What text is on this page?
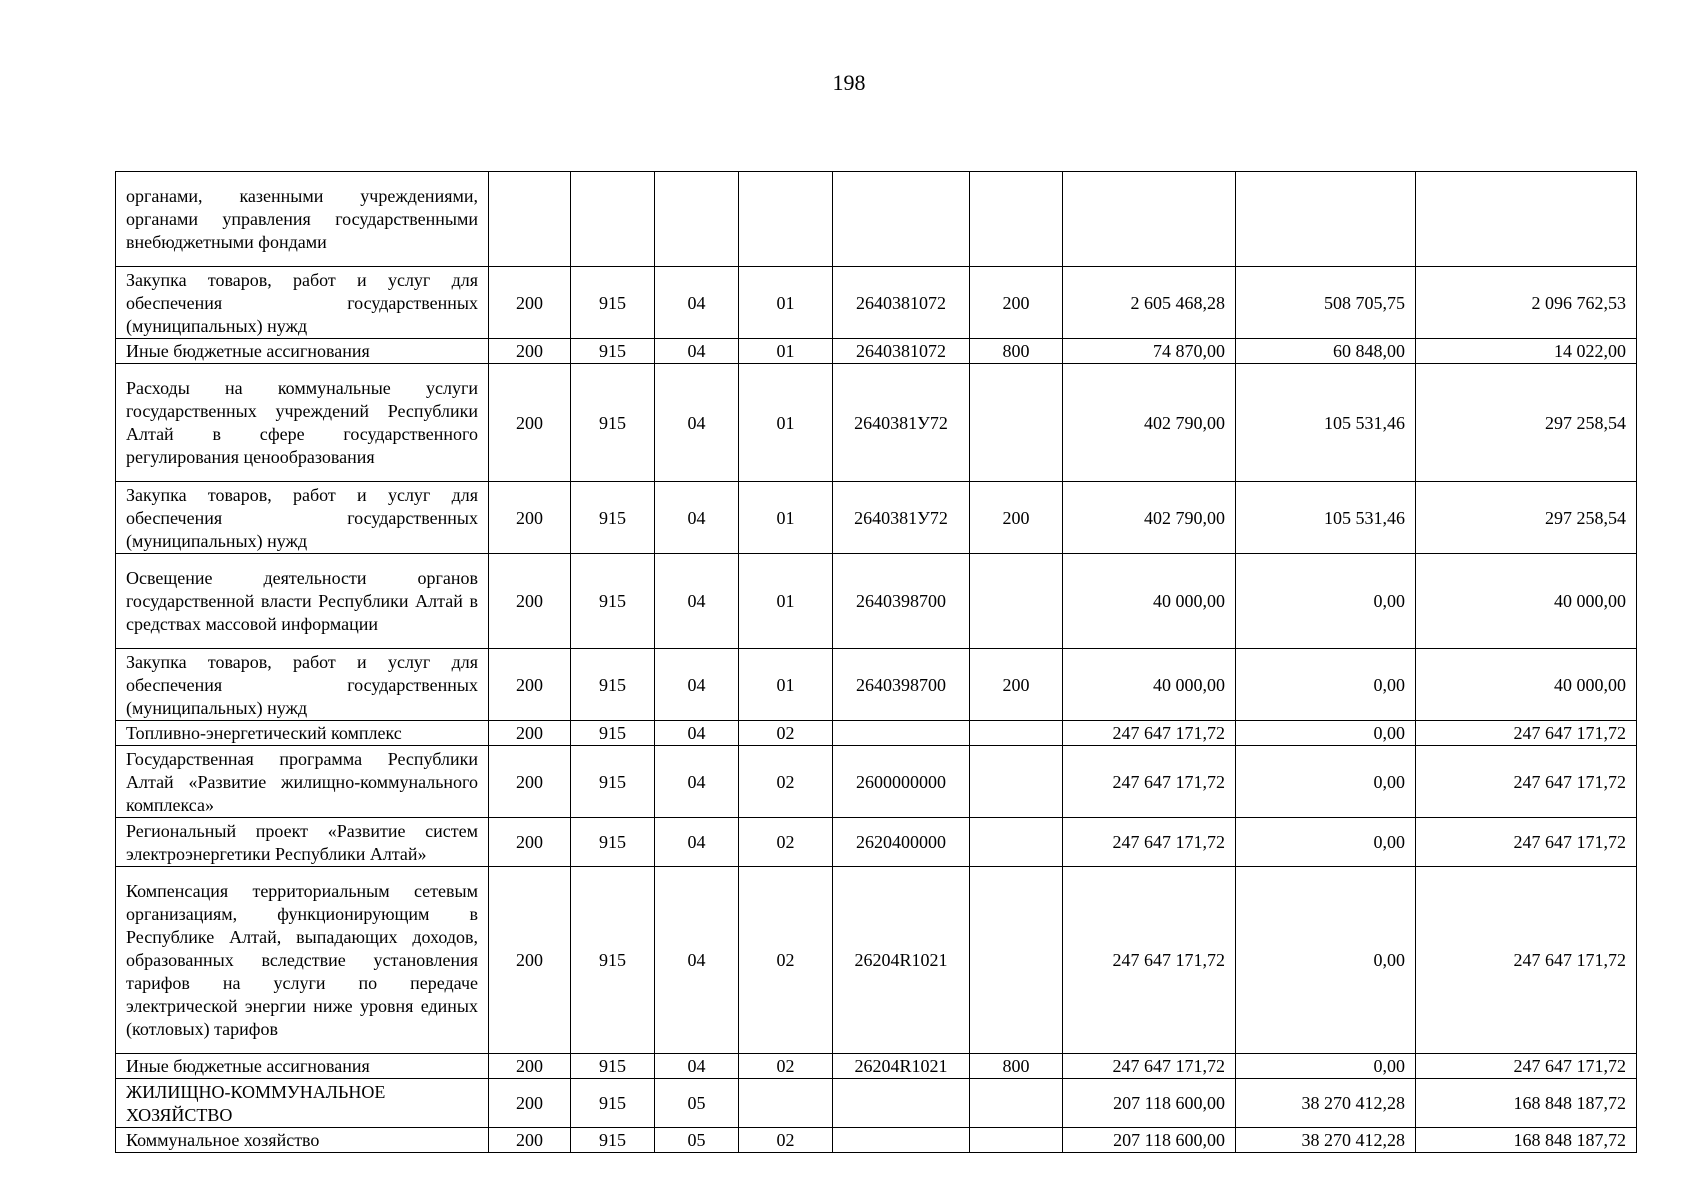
198
органами, казенными учреждениями, органами управления государственными внебюджетными фондами									
Закупка товаров, работ и услуг для обеспечения государственных (муниципальных) нужд	200	915	04	01	2640381072	200	2 605 468,28	508 705,75	2 096 762,53
Иные бюджетные ассигнования	200	915	04	01	2640381072	800	74 870,00	60 848,00	14 022,00
Расходы на коммунальные услуги государственных учреждений Республики Алтай в сфере государственного регулирования ценообразования	200	915	04	01	2640381У72		402 790,00	105 531,46	297 258,54
Закупка товаров, работ и услуг для обеспечения государственных (муниципальных) нужд	200	915	04	01	2640381У72	200	402 790,00	105 531,46	297 258,54
Освещение деятельности органов государственной власти Республики Алтай в средствах массовой информации	200	915	04	01	2640398700		40 000,00	0,00	40 000,00
Закупка товаров, работ и услуг для обеспечения государственных (муниципальных) нужд	200	915	04	01	2640398700	200	40 000,00	0,00	40 000,00
Топливно-энергетический комплекс	200	915	04	02			247 647 171,72	0,00	247 647 171,72
Государственная программа Республики Алтай «Развитие жилищно-коммунального комплекса»	200	915	04	02	2600000000		247 647 171,72	0,00	247 647 171,72
Региональный проект «Развитие систем электроэнергетики Республики Алтай»	200	915	04	02	2620400000		247 647 171,72	0,00	247 647 171,72
Компенсация территориальным сетевым организациям, функционирующим в Республике Алтай, выпадающих доходов, образованных вследствие установления тарифов на услуги по передаче электрической энергии ниже уровня единых (котловых) тарифов	200	915	04	02	26204R1021		247 647 171,72	0,00	247 647 171,72
Иные бюджетные ассигнования	200	915	04	02	26204R1021	800	247 647 171,72	0,00	247 647 171,72
ЖИЛИЩНО-КОММУНАЛЬНОЕ ХОЗЯЙСТВО	200	915	05				207 118 600,00	38 270 412,28	168 848 187,72
Коммунальное хозяйство	200	915	05	02			207 118 600,00	38 270 412,28	168 848 187,72
